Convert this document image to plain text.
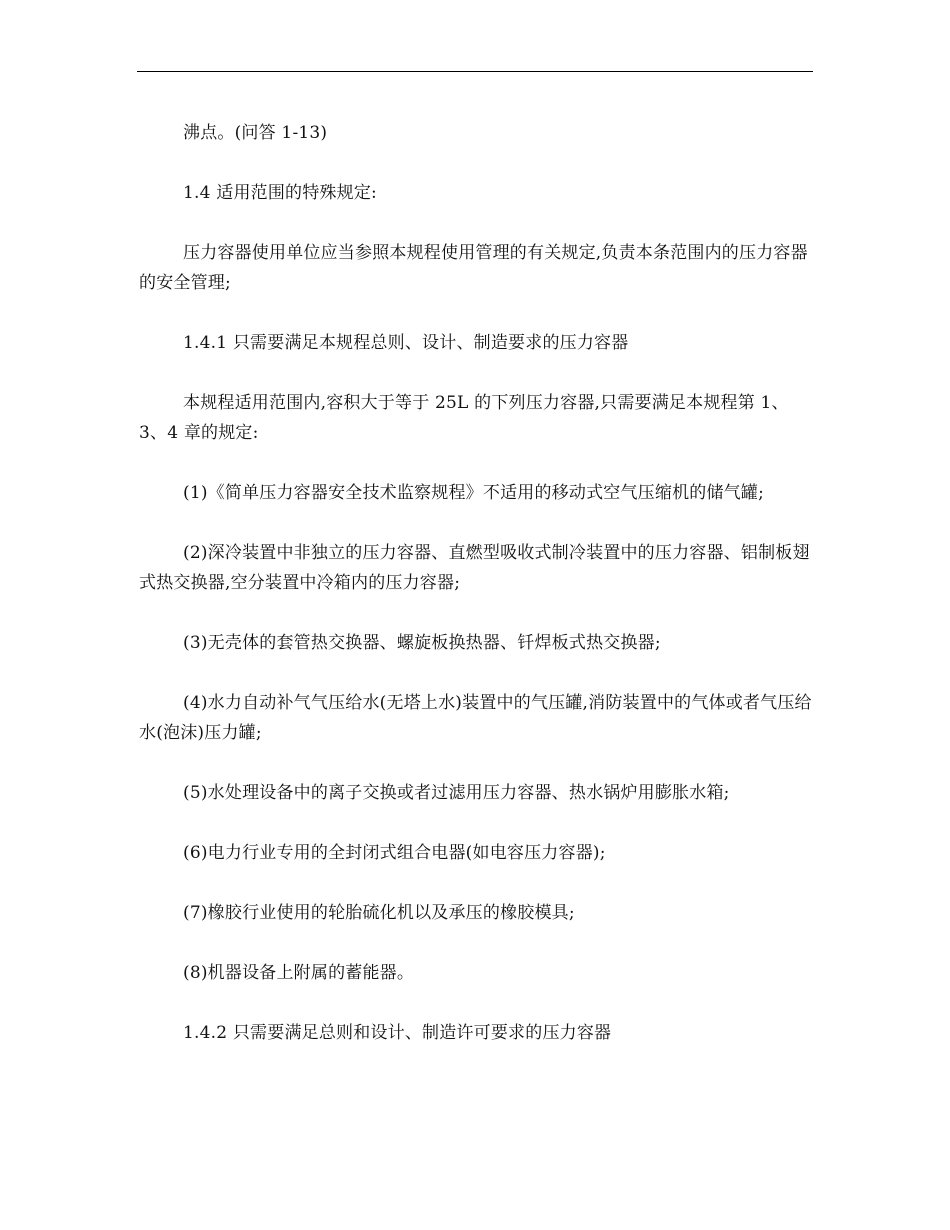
沸点。(问答 1-13)

1.4 适用范围的特殊规定:

压力容器使用单位应当参照本规程使用管理的有关规定,负责本条范围内的压力容器的安全管理;

1.4.1 只需要满足本规程总则、设计、制造要求的压力容器

本规程适用范围内,容积大于等于 25L 的下列压力容器,只需要满足本规程第 1、3、4 章的规定:

(1)《简单压力容器安全技术监察规程》不适用的移动式空气压缩机的储气罐;

(2)深冷装置中非独立的压力容器、直燃型吸收式制冷装置中的压力容器、铝制板翅式热交换器,空分装置中冷箱内的压力容器;

(3)无壳体的套管热交换器、螺旋板换热器、钎焊板式热交换器;

(4)水力自动补气气压给水(无塔上水)装置中的气压罐,消防装置中的气体或者气压给水(泡沫)压力罐;

(5)水处理设备中的离子交换或者过滤用压力容器、热水锅炉用膨胀水箱;

(6)电力行业专用的全封闭式组合电器(如电容压力容器);

(7)橡胶行业使用的轮胎硫化机以及承压的橡胶模具;

(8)机器设备上附属的蓄能器。

1.4.2 只需要满足总则和设计、制造许可要求的压力容器
